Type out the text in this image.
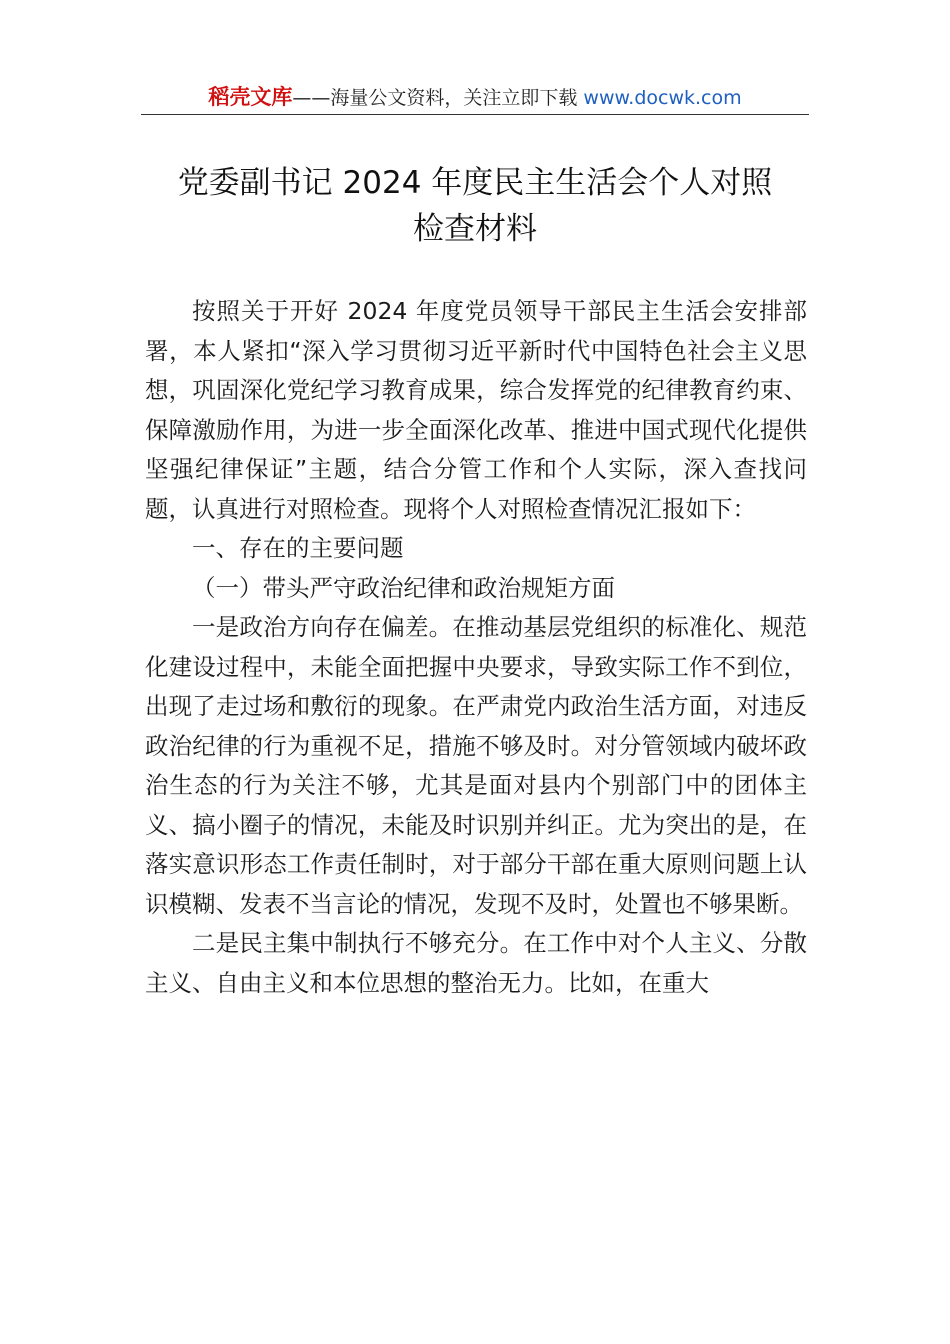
稻壳文库——海量公文资料，关注立即下载 www.docwk.com
党委副书记 2024 年度民主生活会个人对照
检查材料

按照关于开好 2024 年度党员领导干部民主生活会安排部署，本人紧扣“深入学习贯彻习近平新时代中国特色社会主义思想，巩固深化党纪学习教育成果，综合发挥党的纪律教育约束、保障激励作用，为进一步全面深化改革、推进中国式现代化提供坚强纪律保证”主题，结合分管工作和个人实际，深入查找问题，认真进行对照检查。现将个人对照检查情况汇报如下：

一、存在的主要问题

（一）带头严守政治纪律和政治规矩方面

一是政治方向存在偏差。在推动基层党组织的标准化、规范化建设过程中，未能全面把握中央要求，导致实际工作不到位， 出现了走过场和敷衍的现象。在严肃党内政治生活方面，对违反政治纪律的行为重视不足，措施不够及时。对分管领域内破坏政治生态的行为关注不够，尤其是面对县内个别部门中的团体主义、搞小圈子的情况，未能及时识别并纠正。尤为突出的是，在落实意识形态工作责任制时，对于部分干部在重大原则问题上认识模糊、发表不当言论的情况，发现不及时，处置也不够果断。

二是民主集中制执行不够充分。在工作中对个人主义、分散主义、自由主义和本位思想的整治无力。比如，在重大
